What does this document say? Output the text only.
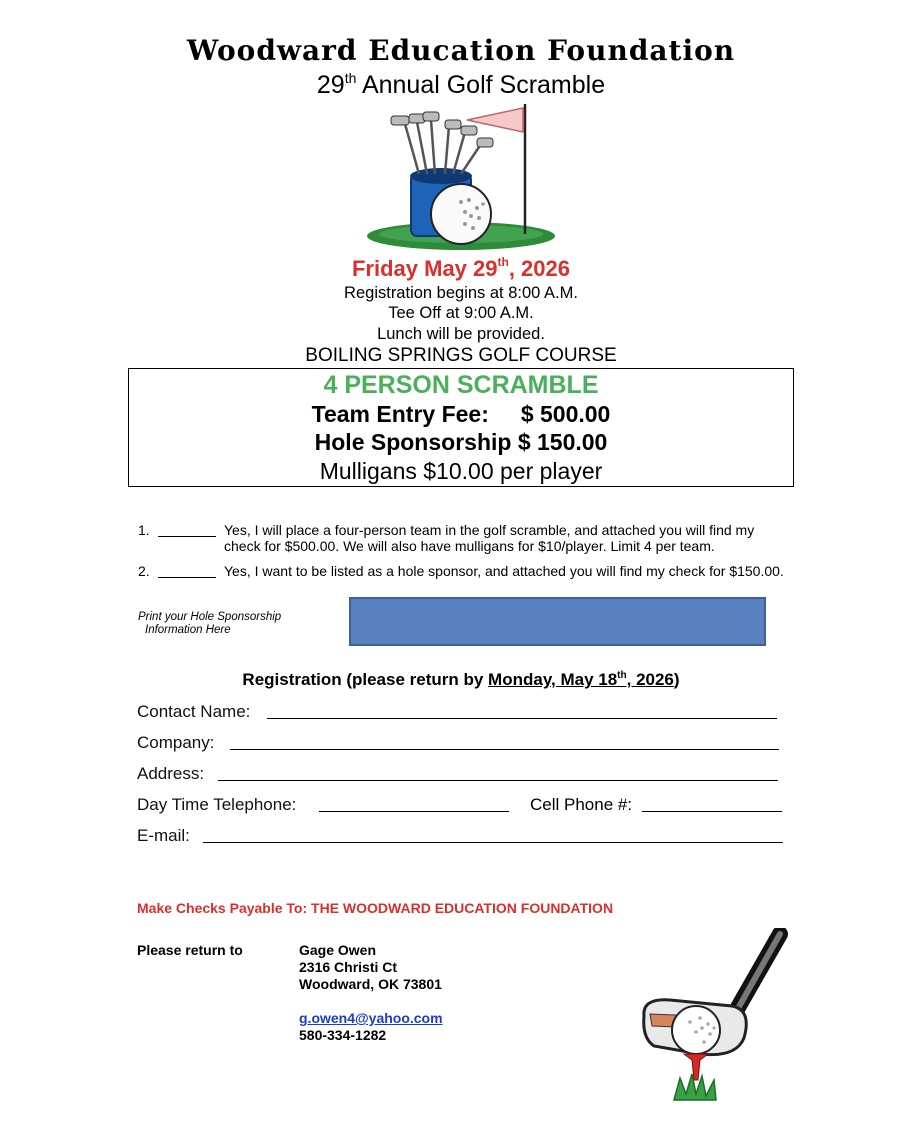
Woodward Education Foundation
29th Annual Golf Scramble
Friday May 29th, 2026
Registration begins at 8:00 A.M.
Tee Off at 9:00 A.M.
Lunch will be provided.
BOILING SPRINGS GOLF COURSE
4 PERSON SCRAMBLE
Team Entry Fee:     $ 500.00
Hole Sponsorship $ 150.00
Mulligans $10.00 per player
1.	Yes, I will place a four-person team in the golf scramble, and attached you will find my check for $500.00. We will also have mulligans for $10/player. Limit 4 per team.
2.	Yes, I want to be listed as a hole sponsor, and attached you will find my check for $150.00.
Print your Hole Sponsorship
Information Here
Registration (please return by Monday, May 18th, 2026)
Contact Name:
Company:
Address:
Day Time Telephone:	Cell Phone #:
E-mail:
Make Checks Payable To: THE WOODWARD EDUCATION FOUNDATION
Please return to	Gage Owen
2316 Christi Ct
Woodward, OK 73801
g.owen4@yahoo.com
580-334-1282
